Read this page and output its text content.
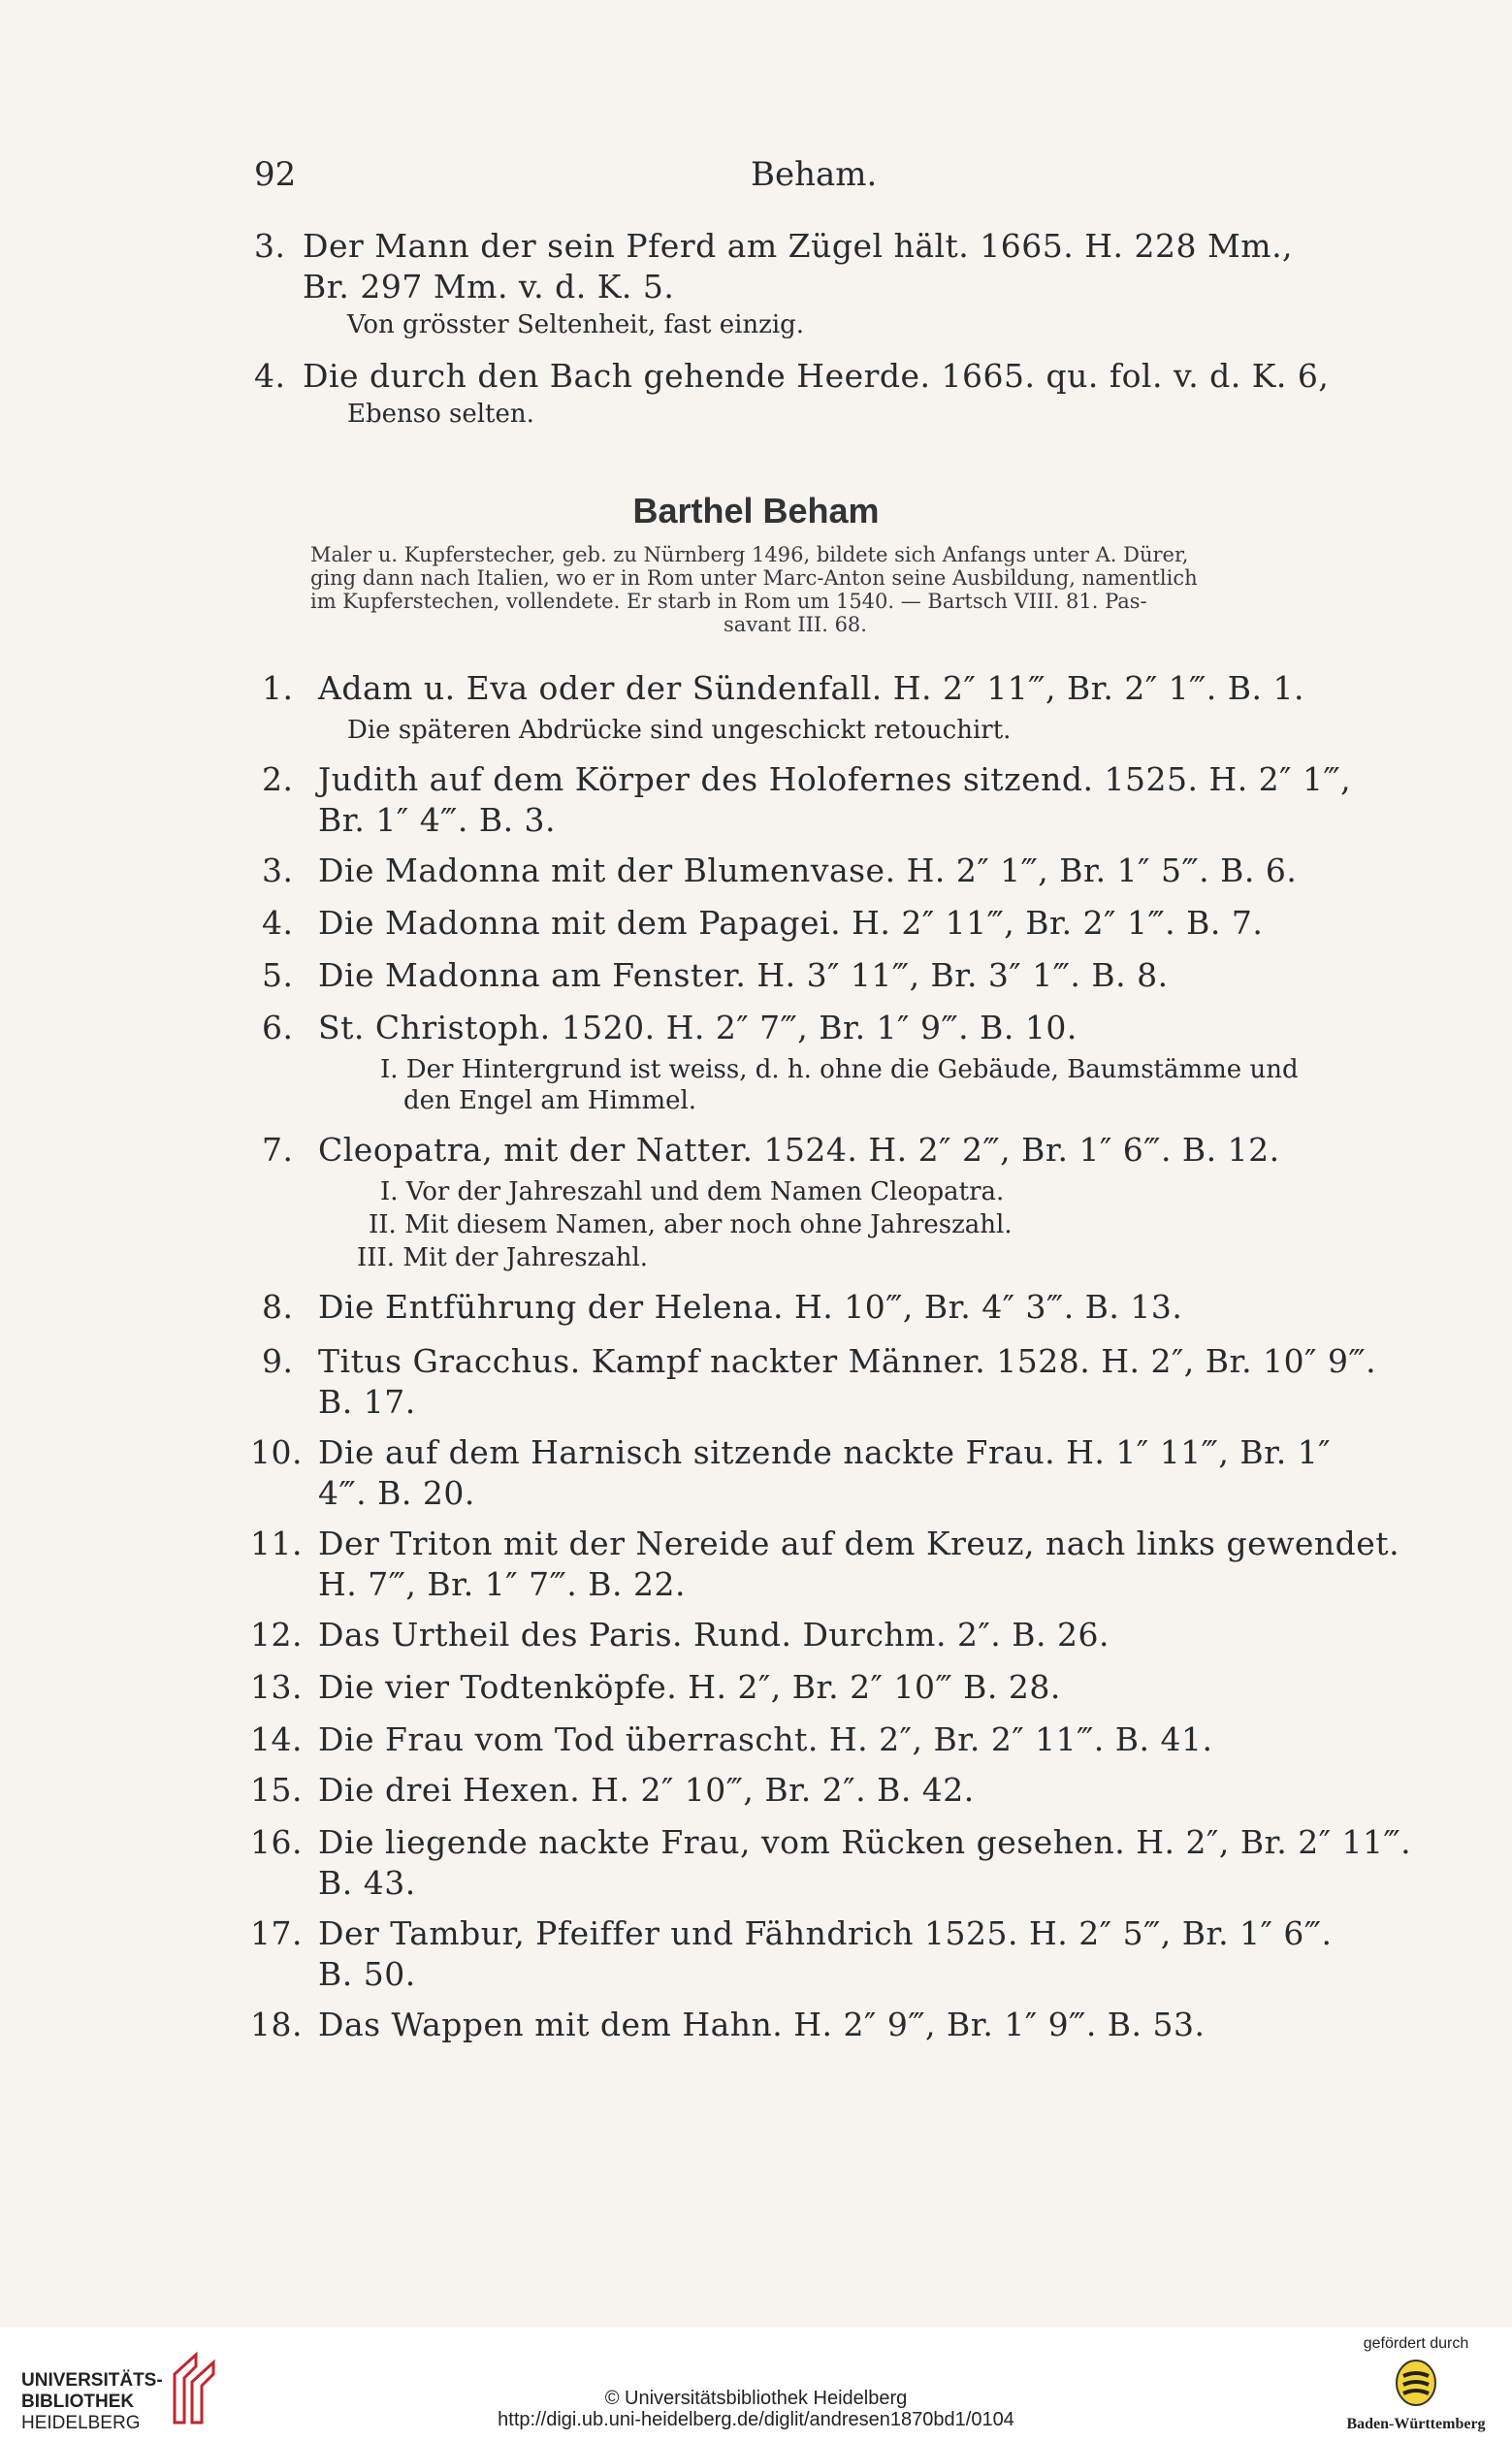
92	Beham.
3. Der Mann der sein Pferd am Zügel hält. 1665. H. 228 Mm.,
Br. 297 Mm. v. d. K. 5.
Von grösster Seltenheit, fast einzig.
4. Die durch den Bach gehende Heerde. 1665. qu. fol. v. d. K. 6,
Ebenso selten.
Barthel Beham
Maler u. Kupferstecher, geb. zu Nürnberg 1496, bildete sich Anfangs unter A. Dürer,
ging dann nach Italien, wo er in Rom unter Marc-Anton seine Ausbildung, namentlich
im Kupferstechen, vollendete. Er starb in Rom um 1540. — Bartsch VIII. 81. Pas-
savant III. 68.
1. Adam u. Eva oder der Sündenfall. H. 2″ 11‴, Br. 2″ 1‴. B. 1.
Die späteren Abdrücke sind ungeschickt retouchirt.
2. Judith auf dem Körper des Holofernes sitzend. 1525. H. 2″ 1‴,
Br. 1″ 4‴. B. 3.
3. Die Madonna mit der Blumenvase. H. 2″ 1‴, Br. 1″ 5‴. B. 6.
4. Die Madonna mit dem Papagei. H. 2″ 11‴, Br. 2″ 1‴. B. 7.
5. Die Madonna am Fenster. H. 3″ 11‴, Br. 3″ 1‴. B. 8.
6. St. Christoph. 1520. H. 2″ 7‴, Br. 1″ 9‴. B. 10.
I. Der Hintergrund ist weiss, d. h. ohne die Gebäude, Baumstämme und
den Engel am Himmel.
7. Cleopatra, mit der Natter. 1524. H. 2″ 2‴, Br. 1″ 6‴. B. 12.
I. Vor der Jahreszahl und dem Namen Cleopatra.
II. Mit diesem Namen, aber noch ohne Jahreszahl.
III. Mit der Jahreszahl.
8. Die Entführung der Helena. H. 10‴, Br. 4″ 3‴. B. 13.
9. Titus Gracchus. Kampf nackter Männer. 1528. H. 2″, Br. 10″ 9‴.
B. 17.
10. Die auf dem Harnisch sitzende nackte Frau. H. 1″ 11‴, Br. 1″
4‴. B. 20.
11. Der Triton mit der Nereide auf dem Kreuz, nach links gewendet.
H. 7‴, Br. 1″ 7‴. B. 22.
12. Das Urtheil des Paris. Rund. Durchm. 2″. B. 26.
13. Die vier Todtenköpfe. H. 2″, Br. 2″ 10‴ B. 28.
14. Die Frau vom Tod überrascht. H. 2″, Br. 2″ 11‴. B. 41.
15. Die drei Hexen. H. 2″ 10‴, Br. 2″. B. 42.
16. Die liegende nackte Frau, vom Rücken gesehen. H. 2″, Br. 2″ 11‴.
B. 43.
17. Der Tambur, Pfeiffer und Fähndrich 1525. H. 2″ 5‴, Br. 1″ 6‴.
B. 50.
18. Das Wappen mit dem Hahn. H. 2″ 9‴, Br. 1″ 9‴. B. 53.
UNIVERSITÄTS-
BIBLIOTHEK
HEIDELBERG
© Universitätsbibliothek Heidelberg
http://digi.ub.uni-heidelberg.de/diglit/andresen1870bd1/0104
gefördert durch
Baden-Württemberg
